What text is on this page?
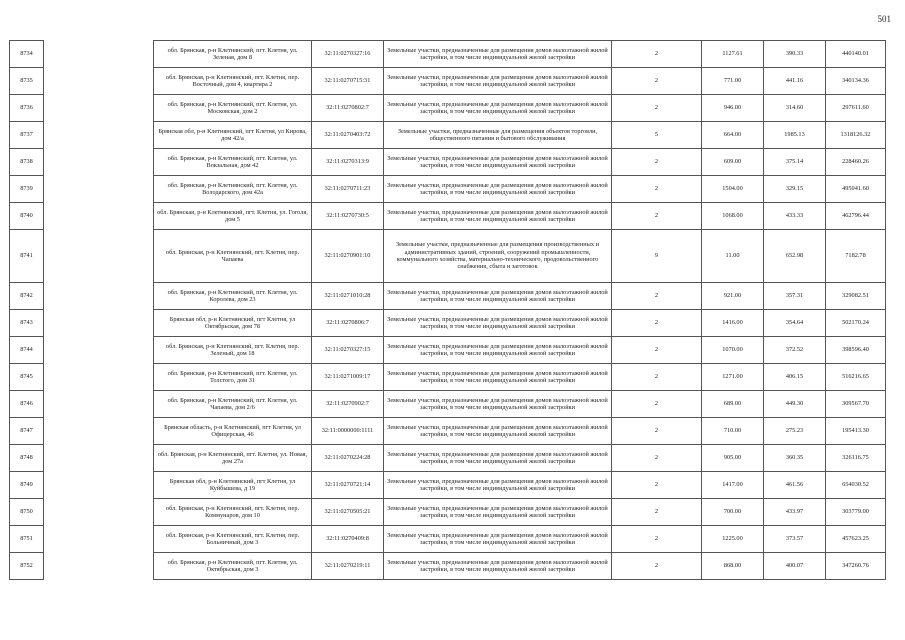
501
8734		обл. Брянская, р-н Клетнянский, пгт. Клетня, ул. Зеленая, дом 8	32:11:0270327:16	Земельные участки, предназначенные для размещения домов малоэтажной жилой застройки, в том числе индивидуальной жилой застройки	2	1127.61	390.33	440140.01
8735		обл. Брянская, р-н Клетнянский, пгт. Клетня, пер. Восточный, дом 4, квартира 2	32:11:0270715:31	Земельные участки, предназначенные для размещения домов малоэтажной жилой застройки, в том числе индивидуальной жилой застройки	2	771.00	441.16	340134.36
8736		обл. Брянская, р-н Клетнянский, пгт. Клетня, ул. Московская, дом 2	32:11:0270802:7	Земельные участки, предназначенные для размещения домов малоэтажной жилой застройки, в том числе индивидуальной жилой застройки	2	946.00	314.60	297611.60
8737		Брянская обл, р-н Клетнянский, пгт Клетня, ул Кирова, дом 42/а	32:11:0270403:72	Земельные участки, предназначенные для размещения объектов торговли, общественного питания и бытового обслуживания	5	664.00	1985.13	1318126.32
8738		обл. Брянская, р-н Клетнянский, пгт. Клетня, ул. Вокзальная, дом 42	32:11:0270313:9	Земельные участки, предназначенные для размещения домов малоэтажной жилой застройки, в том числе индивидуальной жилой застройки	2	609.00	375.14	228460.26
8739		обл. Брянская, р-н Клетнянский, пгт. Клетня, ул. Володарского, дом 42а	32:11:0270711:23	Земельные участки, предназначенные для размещения домов малоэтажной жилой застройки, в том числе индивидуальной жилой застройки	2	1504.00	329.15	495041.60
8740		обл. Брянская, р-н Клетнянский, пгт. Клетня, ул. Гоголя, дом 5	32:11:0270730:5	Земельные участки, предназначенные для размещения домов малоэтажной жилой застройки, в том числе индивидуальной жилой застройки	2	1068.00	433.33	462796.44
8741		обл. Брянская, р-н Клетнянский, пгт. Клетня, пер. Чапаева	32:11:0270901:10	Земельные участки, предназначенные для размещения производственных и административных зданий, строений, сооружений промышленности, коммунального хозяйства, материально-технического, продовольственного снабжения, сбыта и заготовок	9	11.00	652.98	7182.78
8742		обл. Брянская, р-н Клетнянский, пгт. Клетня, ул. Королева, дом 23	32:11:0271010:28	Земельные участки, предназначенные для размещения домов малоэтажной жилой застройки, в том числе индивидуальной жилой застройки	2	921.00	357.31	329082.51
8743		Брянская обл, р-н Клетнянский, пгт Клетня, ул Октябрьская, дом 78	32:11:0270806:7	Земельные участки, предназначенные для размещения домов малоэтажной жилой застройки, в том числе индивидуальной жилой застройки	2	1416.00	354.64	502170.24
8744		обл. Брянская, р-н Клетнянский, пгт. Клетня, пер. Зеленый, дом 18	32:11:0270327:15	Земельные участки, предназначенные для размещения домов малоэтажной жилой застройки, в том числе индивидуальной жилой застройки	2	1070.00	372.52	398596.40
8745		обл. Брянская, р-н Клетнянский, пгт. Клетня, ул. Толстого, дом 31	32:11:0271009:17	Земельные участки, предназначенные для размещения домов малоэтажной жилой застройки, в том числе индивидуальной жилой застройки	2	1271.00	406.15	516216.65
8746		обл. Брянская, р-н Клетнянский, пгт. Клетня, ул. Чапаева, дом 2/6	32:11:0270902:7	Земельные участки, предназначенные для размещения домов малоэтажной жилой застройки, в том числе индивидуальной жилой застройки	2	689.00	449.30	309567.70
8747		Брянская область, р-н Клетнянский, пгт Клетня, ул Офицерская, 46	32:11:0000000:1111	Земельные участки, предназначенные для размещения домов малоэтажной жилой застройки, в том числе индивидуальной жилой застройки	2	710.00	275.23	195413.30
8748		обл. Брянская, р-н Клетнянский, пгт. Клетня, ул. Новая, дом 27а	32:11:0270224:28	Земельные участки, предназначенные для размещения домов малоэтажной жилой застройки, в том числе индивидуальной жилой застройки	2	905.00	360.35	326116.75
8749		Брянская обл, р-н Клетнянский, пгт Клетня, ул Куйбышева, д 19	32:11:0270721:14	Земельные участки, предназначенные для размещения домов малоэтажной жилой застройки, в том числе индивидуальной жилой застройки	2	1417.00	461.56	654030.52
8750		обл. Брянская, р-н Клетнянский, пгт. Клетня, пер. Коммунаров, дом 10	32:11:0270505:21	Земельные участки, предназначенные для размещения домов малоэтажной жилой застройки, в том числе индивидуальной жилой застройки	2	700.00	433.97	303779.00
8751		обл. Брянская, р-н Клетнянский, пгт. Клетня, пер. Больничный, дом 3	32:11:0270409:8	Земельные участки, предназначенные для размещения домов малоэтажной жилой застройки, в том числе индивидуальной жилой застройки	2	1225.00	373.57	457623.25
8752		обл. Брянская, р-н Клетнянский, пгт. Клетня, ул. Октябрьская, дом 3	32:11:0270219:11	Земельные участки, предназначенные для размещения домов малоэтажной жилой застройки, в том числе индивидуальной жилой застройки	2	868.00	400.07	347260.76
